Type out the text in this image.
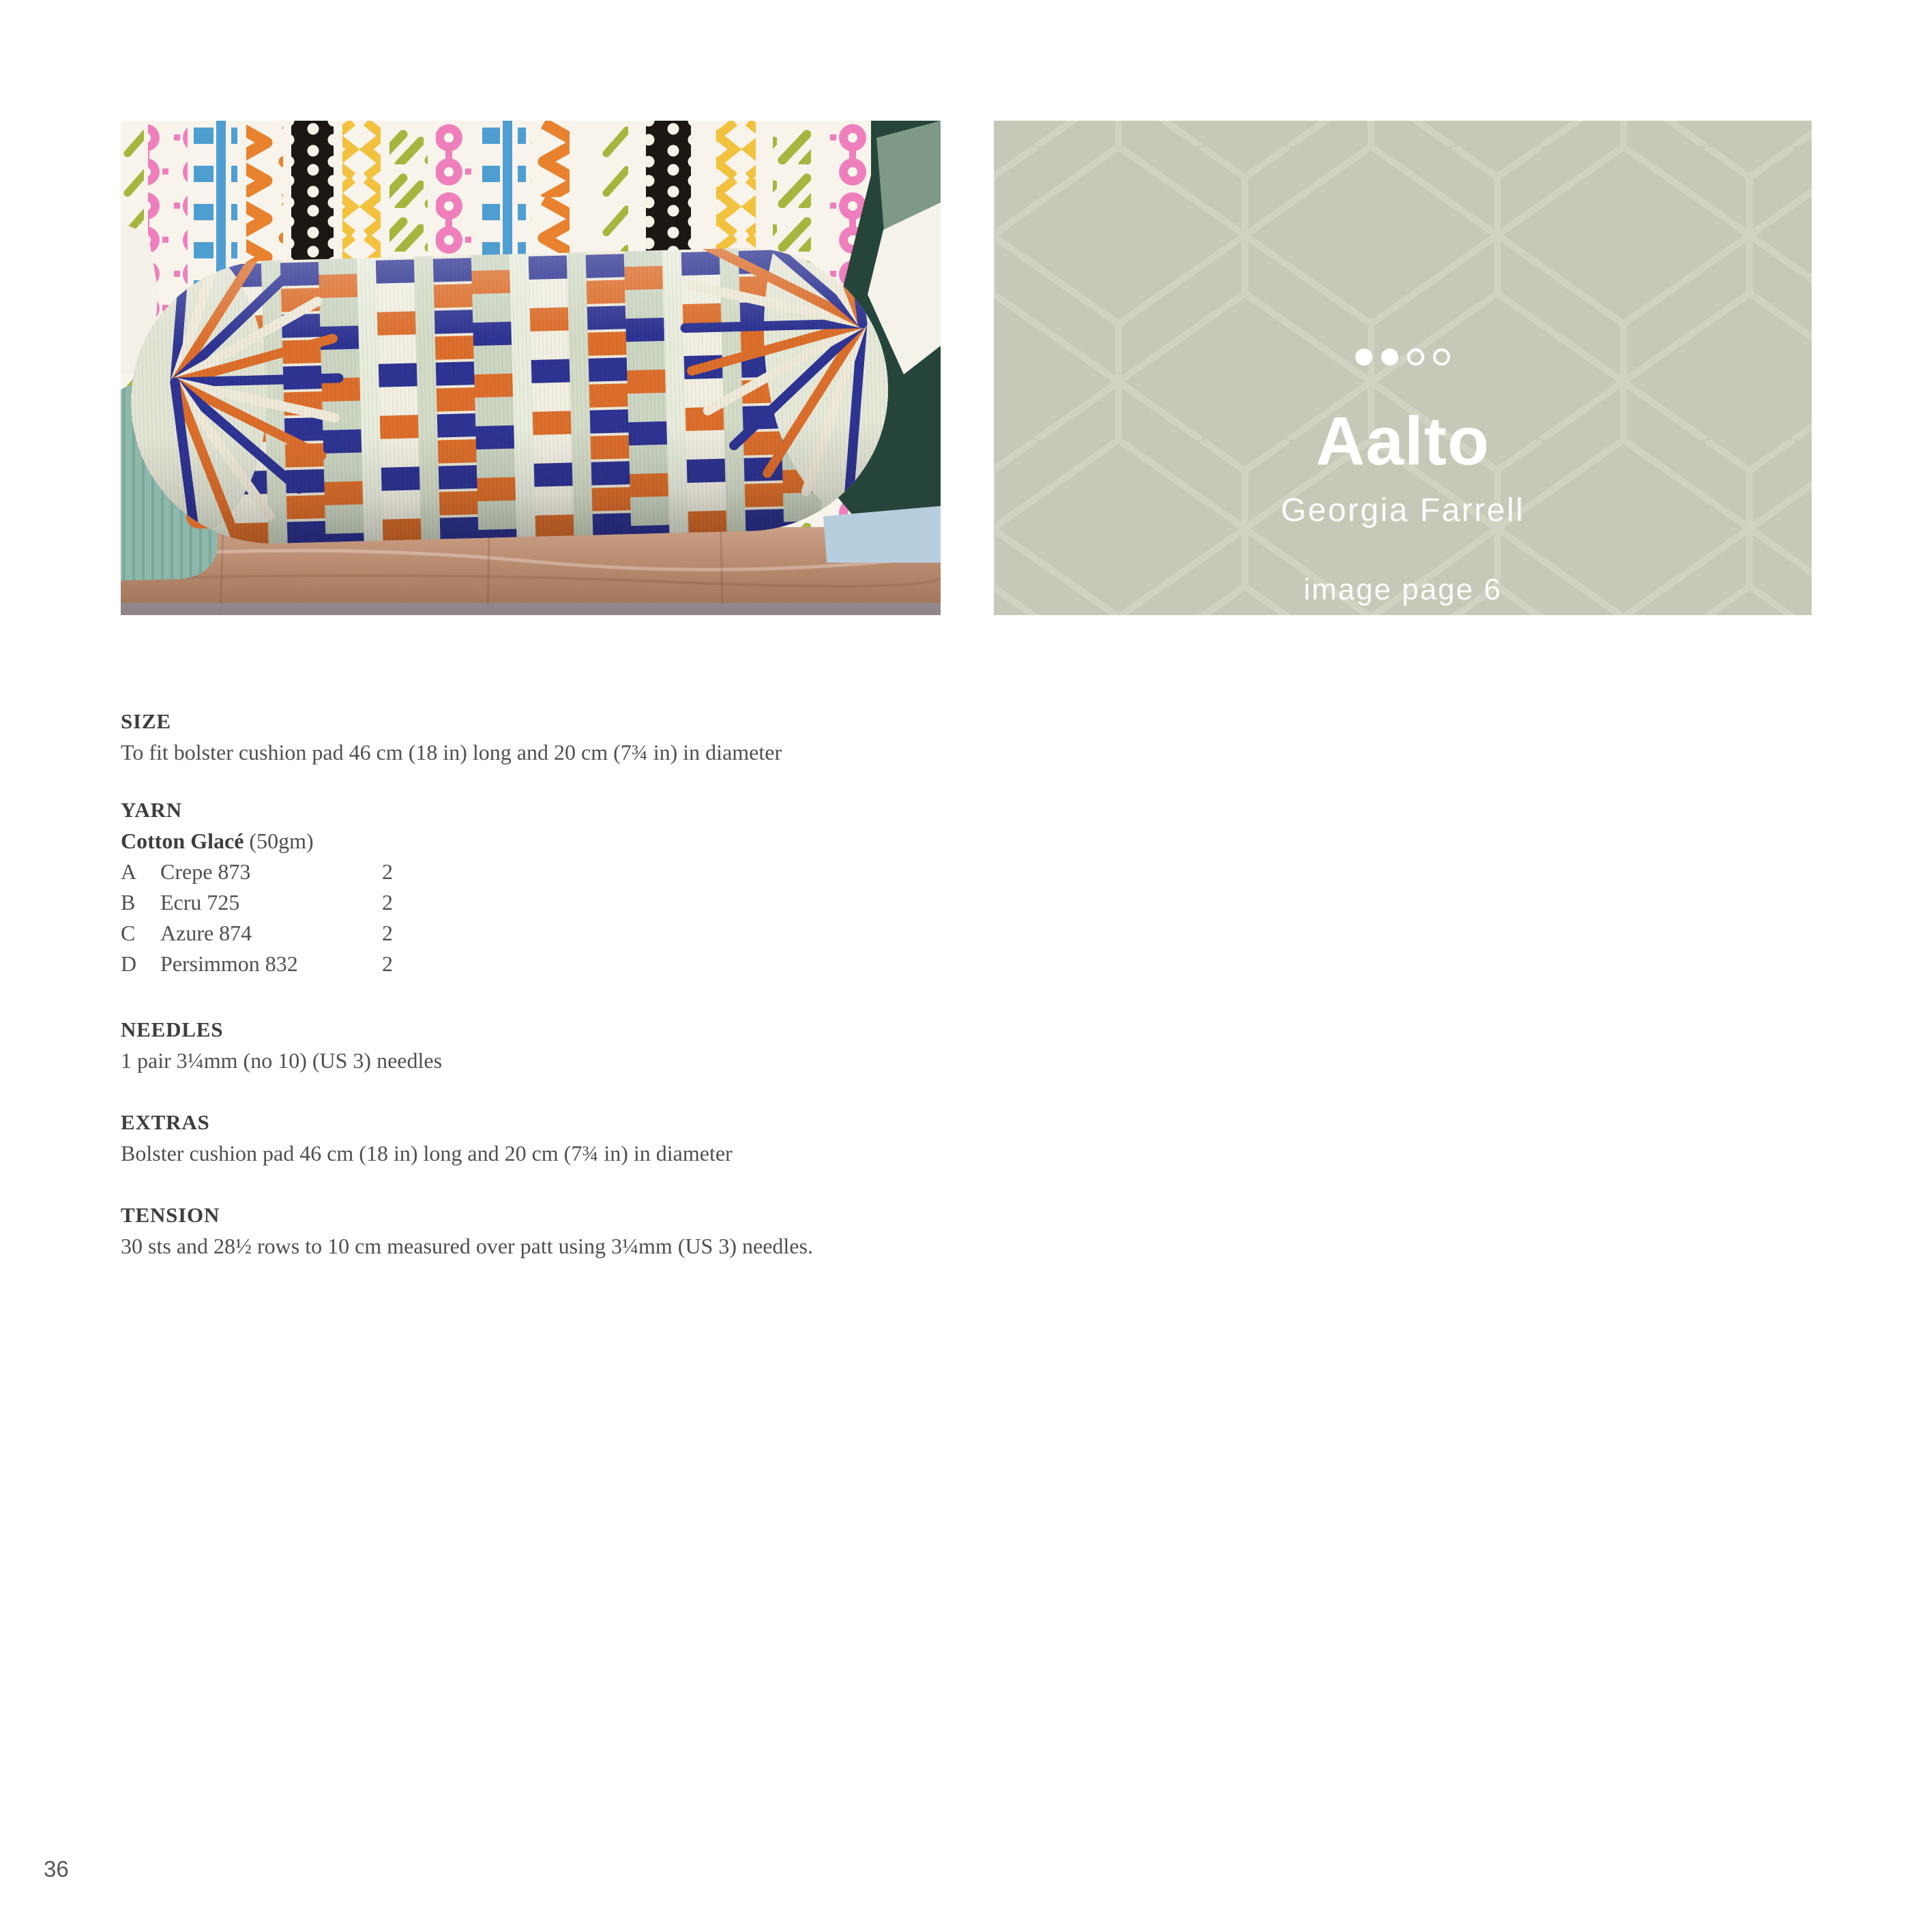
Aalto
Georgia Farrell
image page 6
SIZE
To fit bolster cushion pad 46 cm (18 in) long and 20 cm (7¾ in) in diameter
YARN
Cotton Glacé (50gm)
A Crepe 873	2
B Ecru 725	2
C Azure 874	2
D Persimmon 832	2
NEEDLES
1 pair 3¼mm (no 10) (US 3) needles
EXTRAS
Bolster cushion pad 46 cm (18 in) long and 20 cm (7¾ in) in diameter
TENSION
30 sts and 28½ rows to 10 cm measured over patt using 3¼mm (US 3) needles.
36
